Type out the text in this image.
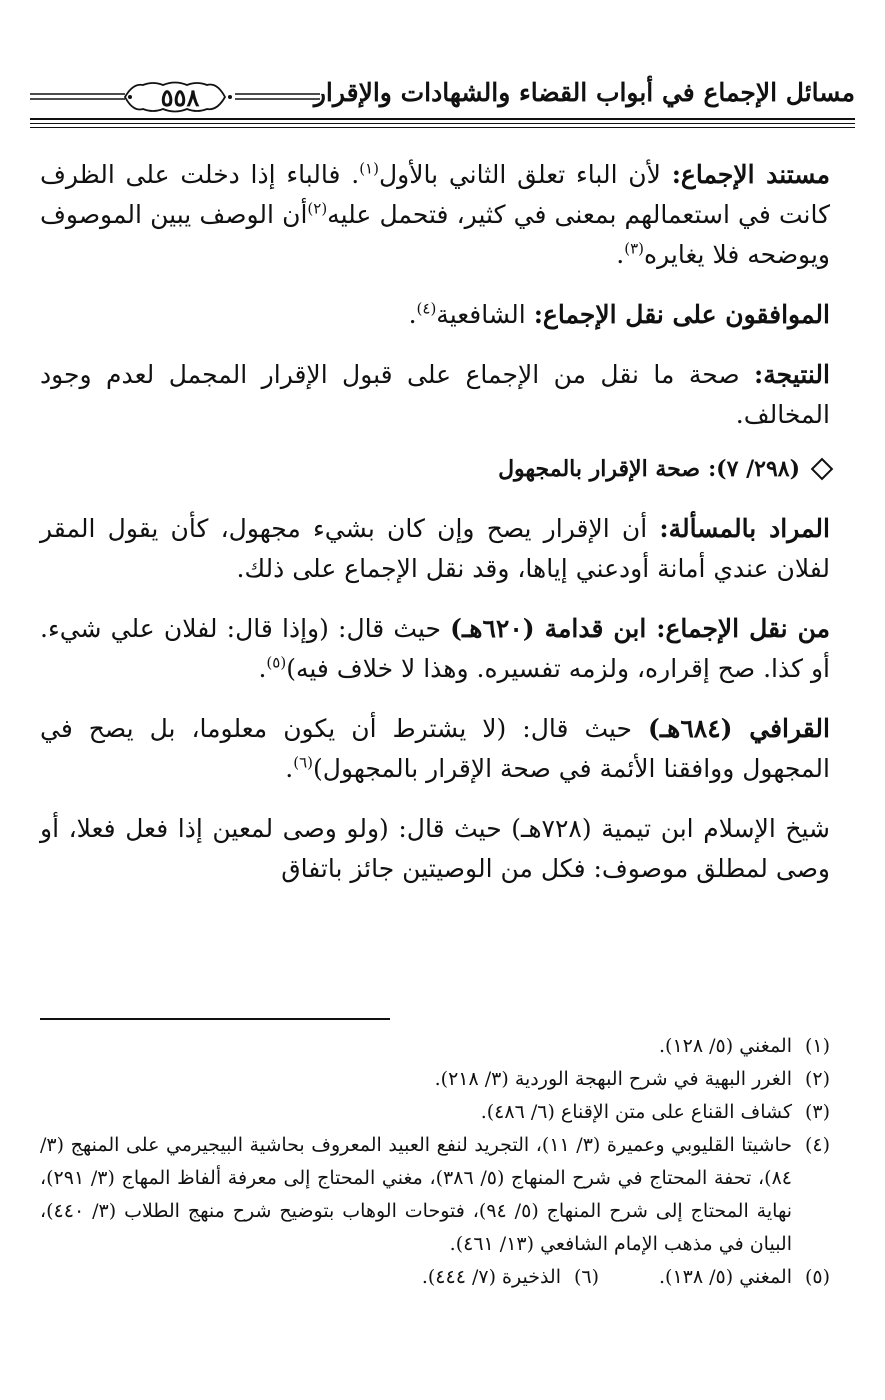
مسائل الإجماع في أبواب القضاء والشهادات والإقرار
٥٥٨

مستند الإجماع: لأن الباء تعلق الثاني بالأول$^{(١)}$. فالباء إذا دخلت على الظرف كانت في استعمالهم بمعنى في كثير، فتحمل عليه$^{(٢)}$أن الوصف يبين الموصوف ويوضحه فلا يغايره$^{(٣)}$.

الموافقون على نقل الإجماع: الشافعية$^{(٤)}$.

النتيجة: صحة ما نقل من الإجماع على قبول الإقرار المجمل لعدم وجود المخالف.

(٢٩٨/ ٧):
صحة الإقرار بالمجهول

المراد بالمسألة: أن الإقرار يصح وإن كان بشيء مجهول، كأن يقول المقر لفلان عندي أمانة أودعني إياها، وقد نقل الإجماع على ذلك.

من نقل الإجماع: ابن قدامة (٦٢٠هـ) حيث قال: (وإذا قال: لفلان علي شيء. أو كذا. صح إقراره، ولزمه تفسيره. وهذا لا خلاف فيه)$^{(٥)}$.

القرافي (٦٨٤هـ) حيث قال: (لا يشترط أن يكون معلوما، بل يصح في المجهول ووافقنا الأئمة في صحة الإقرار بالمجهول)$^{(٦)}$.

شيخ الإسلام ابن تيمية (٧٢٨هـ) حيث قال: (ولو وصى لمعين إذا فعل فعلا، أو وصى لمطلق موصوف: فكل من الوصيتين جائز باتفاق

(١)
المغني (٥/ ١٢٨).
(٢)
الغرر البهية في شرح البهجة الوردية (٣/ ٢١٨).
(٣)
كشاف القناع على متن الإقناع (٦/ ٤٨٦).
(٤)
حاشيتا القليوبي وعميرة (٣/ ١١)، التجريد لنفع العبيد المعروف بحاشية البيجيرمي على المنهج (٣/ ٨٤)، تحفة المحتاج في شرح المنهاج (٥/ ٣٨٦)، مغني المحتاج إلى معرفة ألفاظ المهاج (٣/ ٢٩١)، نهاية المحتاج إلى شرح المنهاج (٥/ ٩٤)، فتوحات الوهاب بتوضيح شرح منهج الطلاب (٣/ ٤٤٠)، البيان في مذهب الإمام الشافعي (١٣/ ٤٦١).
(٥)
المغني (٥/ ١٣٨).
(٦)
الذخيرة (٧/ ٤٤٤).
